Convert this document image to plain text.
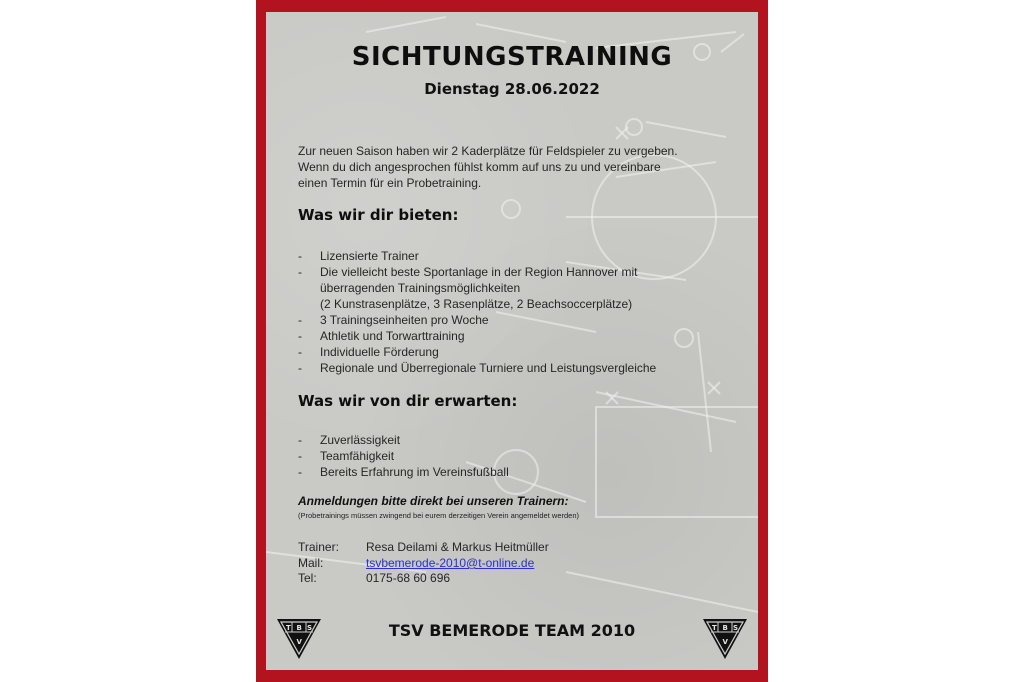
SICHTUNGSTRAINING
Dienstag 28.06.2022
Zur neuen Saison haben wir 2 Kaderplätze für Feldspieler zu vergeben.
Wenn du dich angesprochen fühlst komm auf uns zu und vereinbare
einen Termin für ein Probetraining.
Was wir dir bieten:
- Lizensierte Trainer
- Die vielleicht beste Sportanlage in der Region Hannover mit
überragenden Trainingsmöglichkeiten
(2 Kunstrasenplätze, 3 Rasenplätze, 2 Beachsoccerplätze)
- 3 Trainingseinheiten pro Woche
- Athletik und Torwarttraining
- Individuelle Förderung
- Regionale und Überregionale Turniere und Leistungsvergleiche
Was wir von dir erwarten:
- Zuverlässigkeit
- Teamfähigkeit
- Bereits Erfahrung im Vereinsfußball
Anmeldungen bitte direkt bei unseren Trainern:
(Probetrainings müssen zwingend bei eurem derzeitigen Verein angemeldet werden)
Trainer: Resa Deilami & Markus Heitmüller
Mail:	tsvbemerode-2010@t-online.de
Tel:	0175-68 60 696
TSV BEMERODE TEAM 2010
T B S
V
T B S
V
